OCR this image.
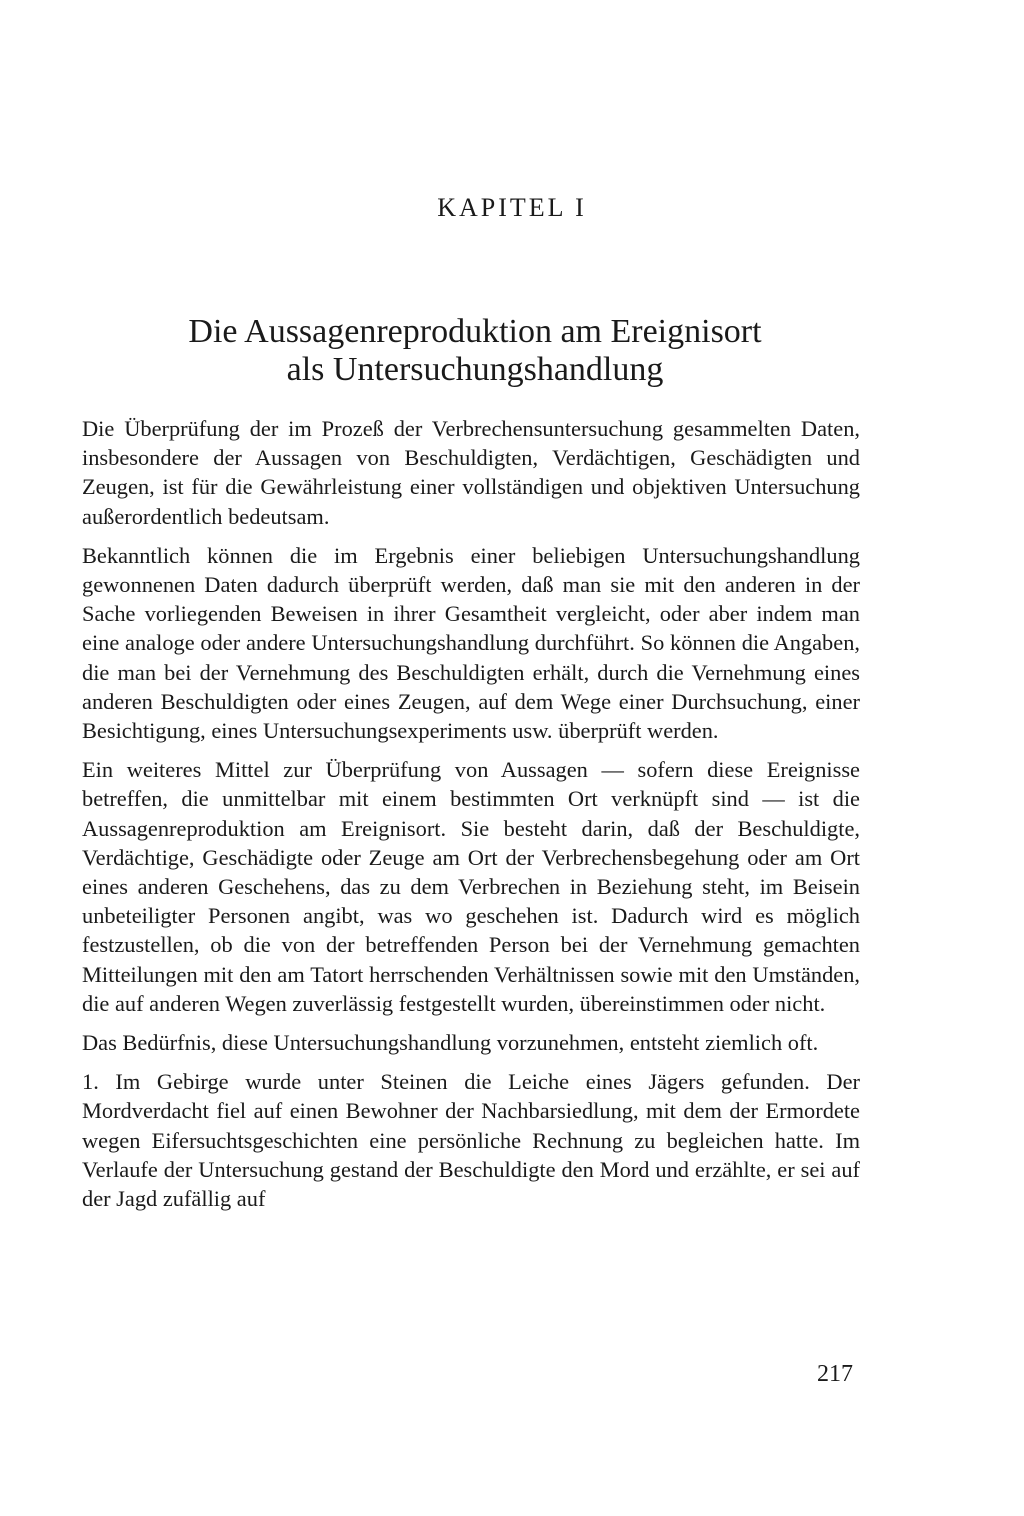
KAPITEL I
Die Aussagenreproduktion am Ereignisort
als Untersuchungshandlung

Die Überprüfung der im Prozeß der Verbrechensuntersuchung gesammelten Daten, insbesondere der Aussagen von Beschuldigten, Verdächtigen, Geschädigten und Zeugen, ist für die Gewährleistung einer vollständigen und objektiven Untersuchung außerordentlich bedeutsam.

Bekanntlich können die im Ergebnis einer beliebigen Untersuchungshandlung gewonnenen Daten dadurch überprüft werden, daß man sie mit den anderen in der Sache vorliegenden Beweisen in ihrer Gesamtheit vergleicht, oder aber indem man eine analoge oder andere Untersuchungshandlung durchführt. So können die Angaben, die man bei der Vernehmung des Beschuldigten erhält, durch die Vernehmung eines anderen Beschuldigten oder eines Zeugen, auf dem Wege einer Durchsuchung, einer Besichtigung, eines Untersuchungsexperiments usw. überprüft werden.

Ein weiteres Mittel zur Überprüfung von Aussagen — sofern diese Ereignisse betreffen, die unmittelbar mit einem bestimmten Ort verknüpft sind — ist die Aussagenreproduktion am Ereignisort. Sie besteht darin, daß der Beschuldigte, Verdächtige, Geschädigte oder Zeuge am Ort der Verbrechensbegehung oder am Ort eines anderen Geschehens, das zu dem Verbrechen in Beziehung steht, im Beisein unbeteiligter Personen angibt, was wo geschehen ist. Dadurch wird es möglich festzustellen, ob die von der betreffenden Person bei der Vernehmung gemachten Mitteilungen mit den am Tatort herrschenden Verhältnissen sowie mit den Umständen, die auf anderen Wegen zuverlässig festgestellt wurden, übereinstimmen oder nicht.

Das Bedürfnis, diese Untersuchungshandlung vorzunehmen, entsteht ziemlich oft.

1. Im Gebirge wurde unter Steinen die Leiche eines Jägers gefunden. Der Mordverdacht fiel auf einen Bewohner der Nachbarsiedlung, mit dem der Ermordete wegen Eifersuchtsgeschichten eine persönliche Rechnung zu begleichen hatte. Im Verlaufe der Untersuchung gestand der Beschuldigte den Mord und erzählte, er sei auf der Jagd zufällig auf

217
